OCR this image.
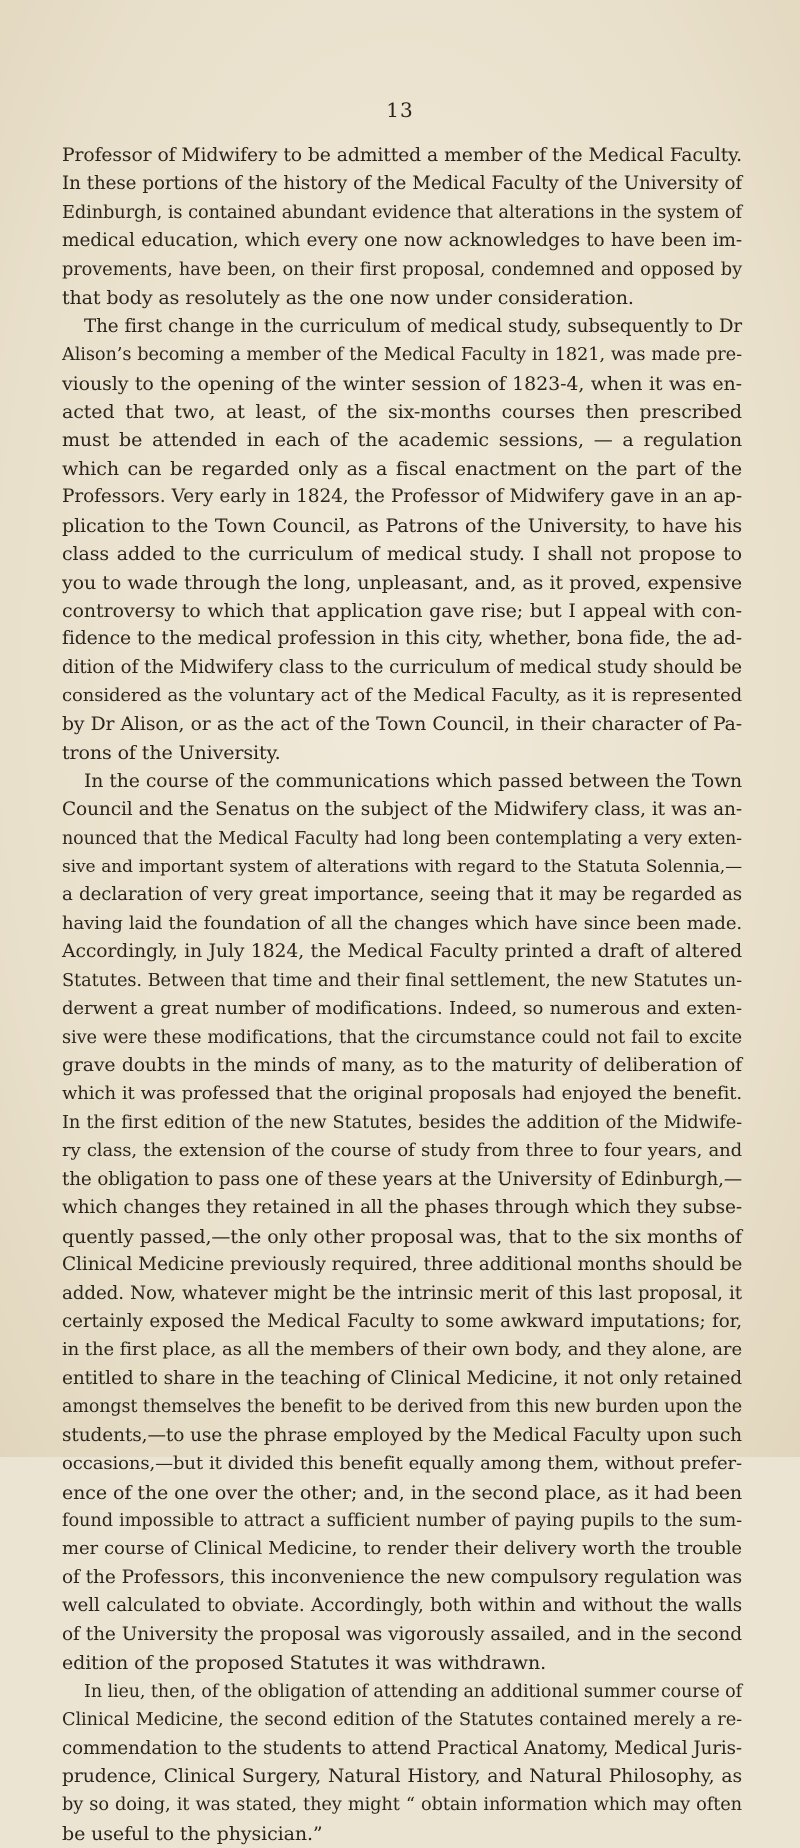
13
Professor of Midwifery to be admitted a member of the Medical Faculty.
In these portions of the history of the Medical Faculty of the University of
Edinburgh, is contained abundant evidence that alterations in the system of
medical education, which every one now acknowledges to have been im-
provements, have been, on their first proposal, condemned and opposed by
that body as resolutely as the one now under consideration.
The first change in the curriculum of medical study, subsequently to Dr
Alison’s becoming a member of the Medical Faculty in 1821, was made pre-
viously to the opening of the winter session of 1823-4, when it was en-
acted that two, at least, of the six-months courses then prescribed
must be attended in each of the academic sessions, — a regulation
which can be regarded only as a fiscal enactment on the part of the
Professors. Very early in 1824, the Professor of Midwifery gave in an ap-
plication to the Town Council, as Patrons of the University, to have his
class added to the curriculum of medical study. I shall not propose to
you to wade through the long, unpleasant, and, as it proved, expensive
controversy to which that application gave rise; but I appeal with con-
fidence to the medical profession in this city, whether, bona fide, the ad-
dition of the Midwifery class to the curriculum of medical study should be
considered as the voluntary act of the Medical Faculty, as it is represented
by Dr Alison, or as the act of the Town Council, in their character of Pa-
trons of the University.
In the course of the communications which passed between the Town
Council and the Senatus on the subject of the Midwifery class, it was an-
nounced that the Medical Faculty had long been contemplating a very exten-
sive and important system of alterations with regard to the Statuta Solennia,—
a declaration of very great importance, seeing that it may be regarded as
having laid the foundation of all the changes which have since been made.
Accordingly, in July 1824, the Medical Faculty printed a draft of altered
Statutes. Between that time and their final settlement, the new Statutes un-
derwent a great number of modifications. Indeed, so numerous and exten-
sive were these modifications, that the circumstance could not fail to excite
grave doubts in the minds of many, as to the maturity of deliberation of
which it was professed that the original proposals had enjoyed the benefit.
In the first edition of the new Statutes, besides the addition of the Midwife-
ry class, the extension of the course of study from three to four years, and
the obligation to pass one of these years at the University of Edinburgh,—
which changes they retained in all the phases through which they subse-
quently passed,—the only other proposal was, that to the six months of
Clinical Medicine previously required, three additional months should be
added. Now, whatever might be the intrinsic merit of this last proposal, it
certainly exposed the Medical Faculty to some awkward imputations; for,
in the first place, as all the members of their own body, and they alone, are
entitled to share in the teaching of Clinical Medicine, it not only retained
amongst themselves the benefit to be derived from this new burden upon the
students,—to use the phrase employed by the Medical Faculty upon such
occasions,—but it divided this benefit equally among them, without prefer-
ence of the one over the other; and, in the second place, as it had been
found impossible to attract a sufficient number of paying pupils to the sum-
mer course of Clinical Medicine, to render their delivery worth the trouble
of the Professors, this inconvenience the new compulsory regulation was
well calculated to obviate. Accordingly, both within and without the walls
of the University the proposal was vigorously assailed, and in the second
edition of the proposed Statutes it was withdrawn.
In lieu, then, of the obligation of attending an additional summer course of
Clinical Medicine, the second edition of the Statutes contained merely a re-
commendation to the students to attend Practical Anatomy, Medical Juris-
prudence, Clinical Surgery, Natural History, and Natural Philosophy, as
by so doing, it was stated, they might “ obtain information which may often
be useful to the physician.”
